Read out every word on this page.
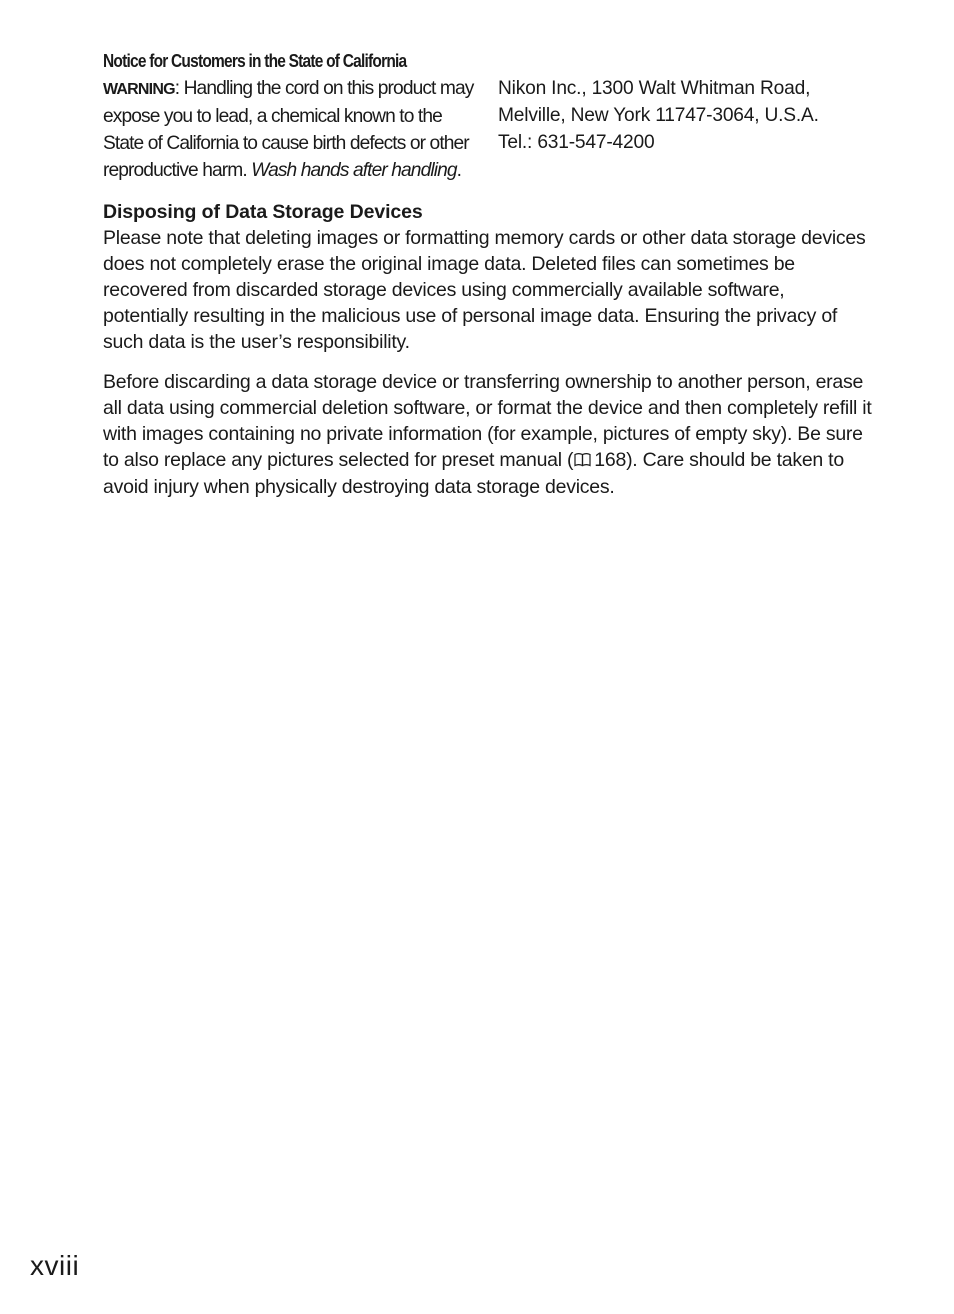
Notice for Customers in the State of California

WARNING: Handling the cord on this product may expose you to lead, a chemical known to the State of California to cause birth defects or other reproductive harm. Wash hands after handling.

Nikon Inc., 1300 Walt Whitman Road,
Melville, New York 11747-3064, U.S.A.
Tel.: 631-547-4200
Disposing of Data Storage Devices

Please note that deleting images or formatting memory cards or other data storage devices does not completely erase the original image data. Deleted files can sometimes be recovered from discarded storage devices using commercially available software, potentially resulting in the malicious use of personal image data. Ensuring the privacy of such data is the user’s responsibility.

Before discarding a data storage device or transferring ownership to another person, erase all data using commercial deletion software, or format the device and then completely refill it with images containing no private information (for example, pictures of empty sky). Be sure to also replace any pictures selected for preset manual ( 168). Care should be taken to avoid injury when physically destroying data storage devices.

xviii
